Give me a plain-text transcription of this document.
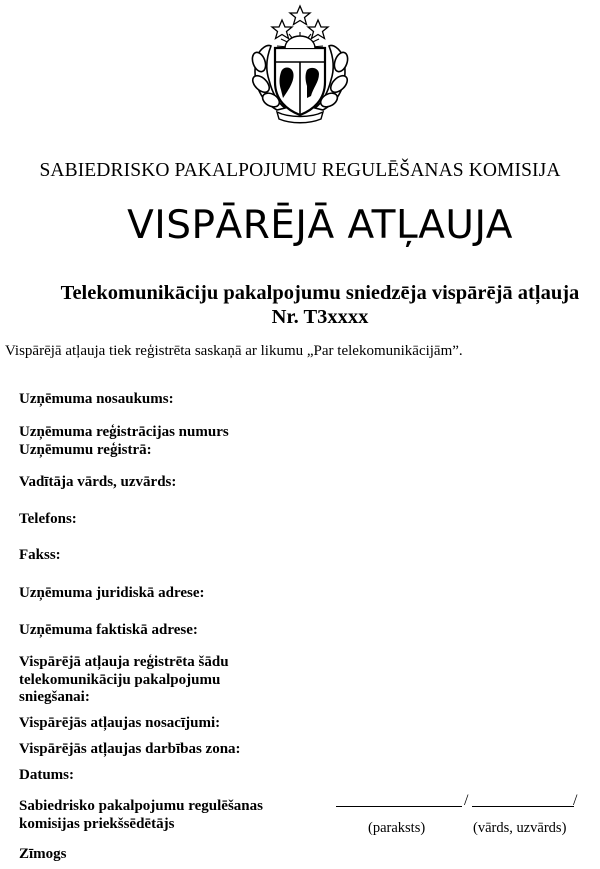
SABIEDRISKO PAKALPOJUMU REGULĒŠANAS KOMISIJA
VISPĀRĒJĀ ATĻAUJA
Telekomunikāciju pakalpojumu sniedzēja vispārējā atļauja
Nr. T3xxxx
Vispārējā atļauja tiek reģistrēta saskaņā ar likumu „Par telekomunikācijām”.
Uzņēmuma nosaukums:
Uzņēmuma reģistrācijas numurs
Uzņēmumu reģistrā:
Vadītāja vārds, uzvārds:
Telefons:
Fakss:
Uzņēmuma juridiskā adrese:
Uzņēmuma faktiskā adrese:
Vispārējā atļauja reģistrēta šādu
telekomunikāciju pakalpojumu
sniegšanai:
Vispārējās atļaujas nosacījumi:
Vispārējās atļaujas darbības zona:
Datums:
Sabiedrisko pakalpojumu regulēšanas
komisijas priekšsēdētājs
Zīmogs
/	/
(paraksts)	(vārds, uzvārds)
